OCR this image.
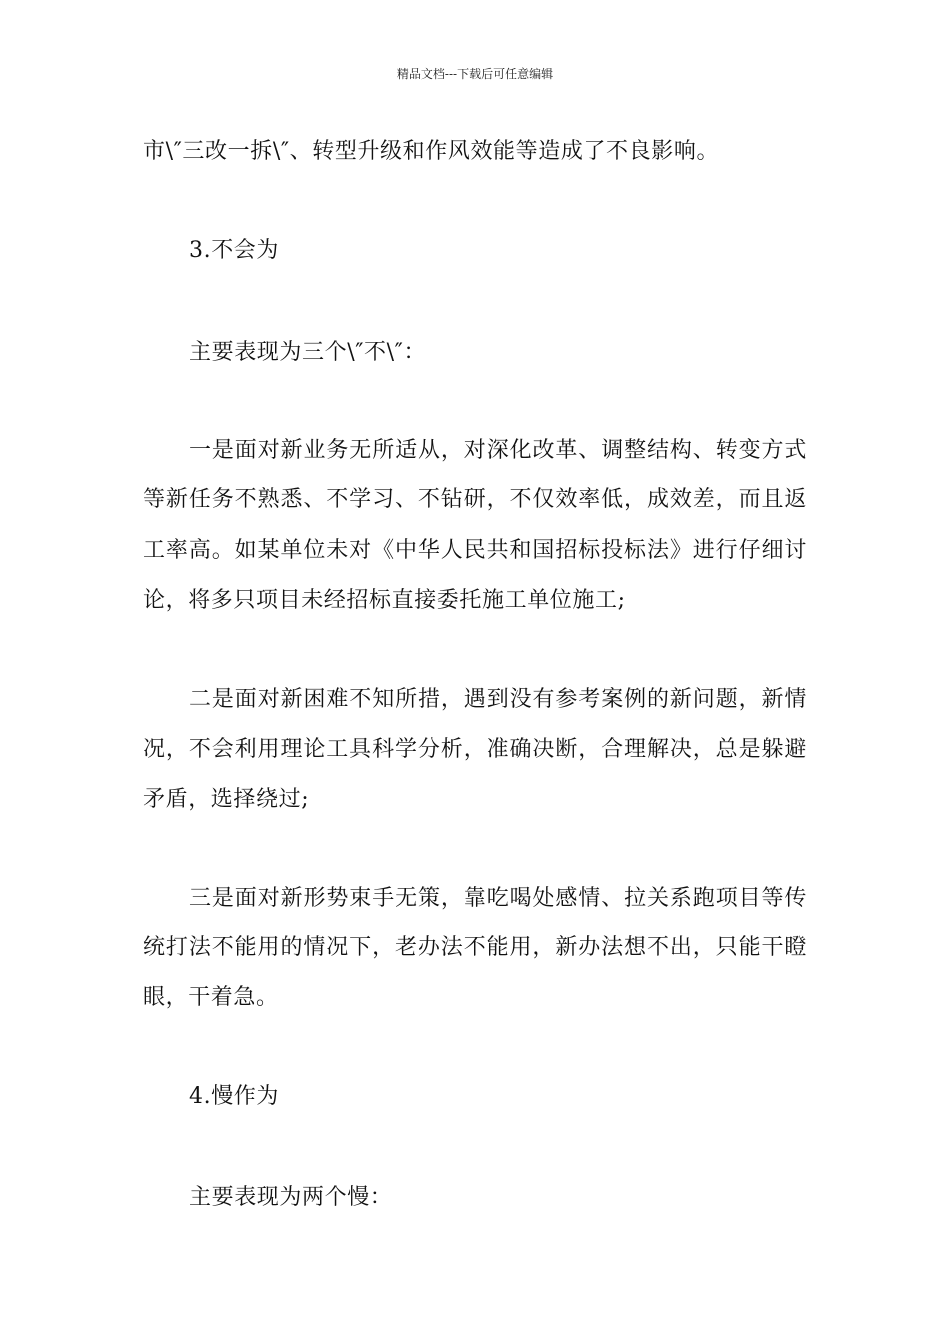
精品文档---下载后可任意编辑
市\″三改一拆\″、转型升级和作风效能等造成了不良影响。
3.不会为
主要表现为三个\″不\″：
一是面对新业务无所适从，对深化改革、调整结构、转变方式
等新任务不熟悉、不学习、不钻研，不仅效率低，成效差，而且返
工率高。如某单位未对《中华人民共和国招标投标法》进行仔细讨
论，将多只项目未经招标直接委托施工单位施工;
二是面对新困难不知所措，遇到没有参考案例的新问题，新情
况，不会利用理论工具科学分析，准确决断，合理解决，总是躲避
矛盾，选择绕过;
三是面对新形势束手无策，靠吃喝处感情、拉关系跑项目等传
统打法不能用的情况下，老办法不能用，新办法想不出，只能干瞪
眼，干着急。
4.慢作为
主要表现为两个慢：
